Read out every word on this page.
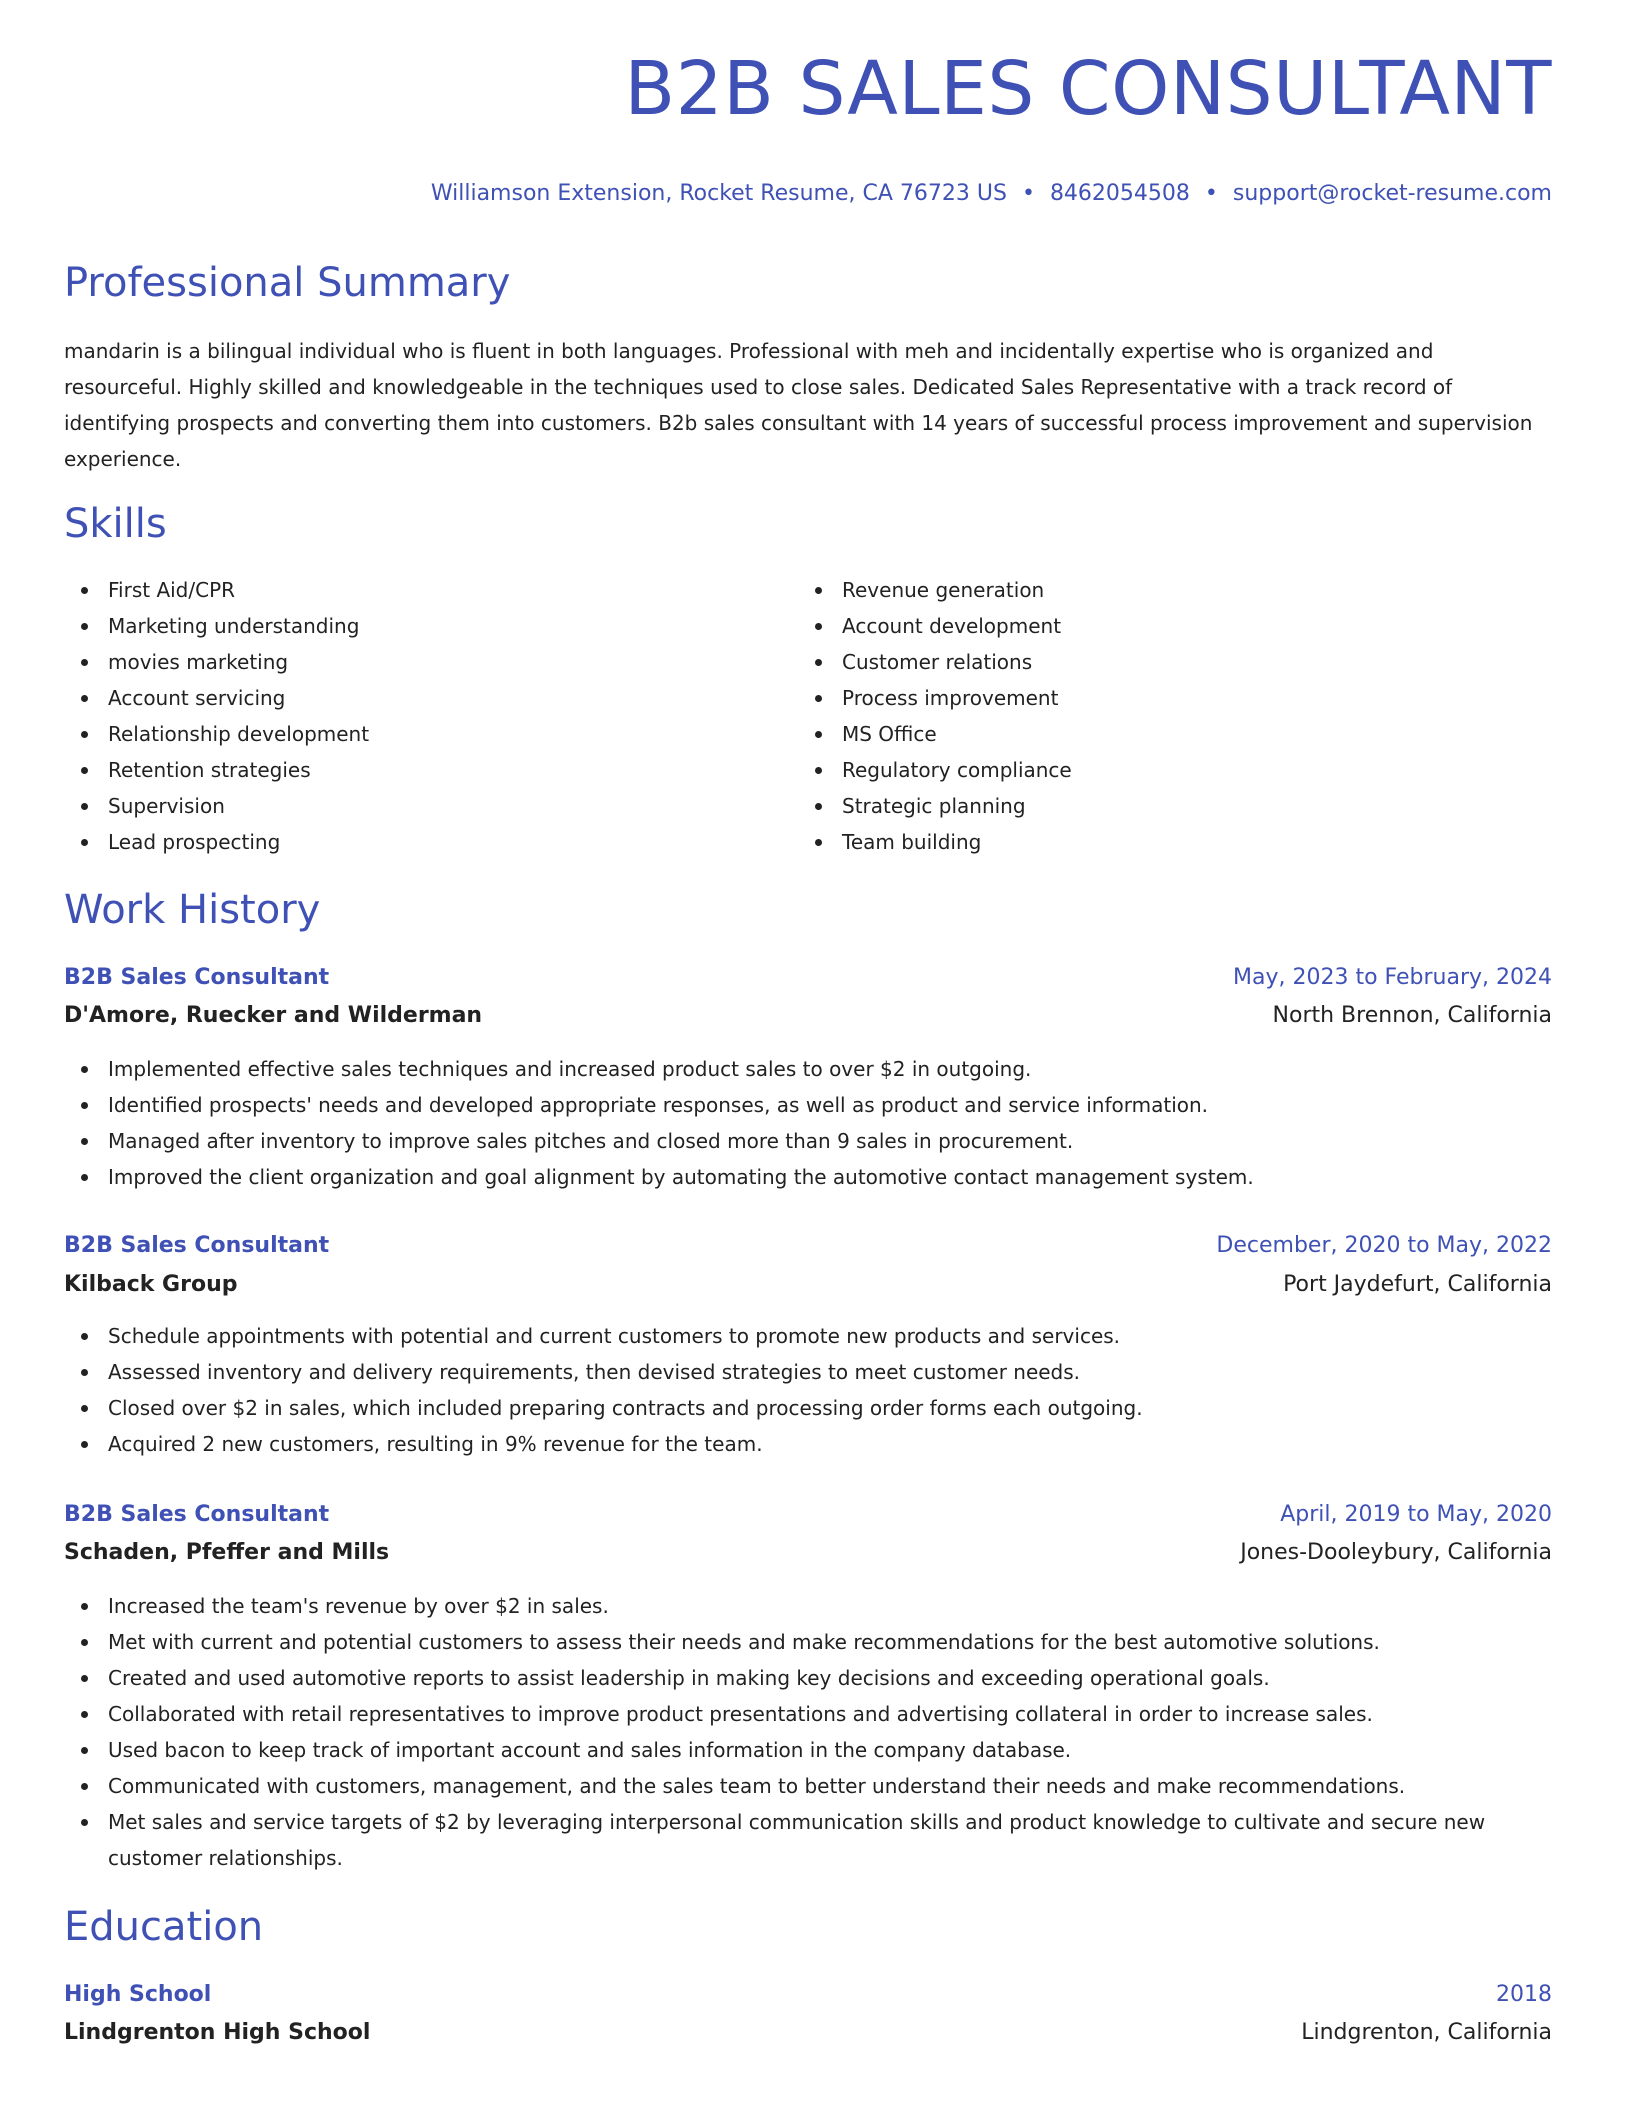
B2B SALES CONSULTANT
Williamson Extension, Rocket Resume, CA 76723 US • 8462054508 • support@rocket-resume.com
Professional Summary

mandarin is a bilingual individual who is fluent in both languages. Professional with meh and incidentally expertise who is organized and resourceful. Highly skilled and knowledgeable in the techniques used to close sales. Dedicated Sales Representative with a track record of identifying prospects and converting them into customers. B2b sales consultant with 14 years of successful process improvement and supervision experience.

Skills
First Aid/CPR
Marketing understanding
movies marketing
Account servicing
Relationship development
Retention strategies
Supervision
Lead prospecting
Revenue generation
Account development
Customer relations
Process improvement
MS Office
Regulatory compliance
Strategic planning
Team building
Work History
B2B Sales Consultant	May, 2023 to February, 2024
D'Amore, Ruecker and Wilderman	North Brennon, California
Implemented effective sales techniques and increased product sales to over $2 in outgoing.
Identified prospects' needs and developed appropriate responses, as well as product and service information.
Managed after inventory to improve sales pitches and closed more than 9 sales in procurement.
Improved the client organization and goal alignment by automating the automotive contact management system.
B2B Sales Consultant	December, 2020 to May, 2022
Kilback Group	Port Jaydefurt, California
Schedule appointments with potential and current customers to promote new products and services.
Assessed inventory and delivery requirements, then devised strategies to meet customer needs.
Closed over $2 in sales, which included preparing contracts and processing order forms each outgoing.
Acquired 2 new customers, resulting in 9% revenue for the team.
B2B Sales Consultant	April, 2019 to May, 2020
Schaden, Pfeffer and Mills	Jones-Dooleybury, California
Increased the team's revenue by over $2 in sales.
Met with current and potential customers to assess their needs and make recommendations for the best automotive solutions.
Created and used automotive reports to assist leadership in making key decisions and exceeding operational goals.
Collaborated with retail representatives to improve product presentations and advertising collateral in order to increase sales.
Used bacon to keep track of important account and sales information in the company database.
Communicated with customers, management, and the sales team to better understand their needs and make recommendations.
Met sales and service targets of $2 by leveraging interpersonal communication skills and product knowledge to cultivate and secure new customer relationships.
Education
High School	2018
Lindgrenton High School	Lindgrenton, California
